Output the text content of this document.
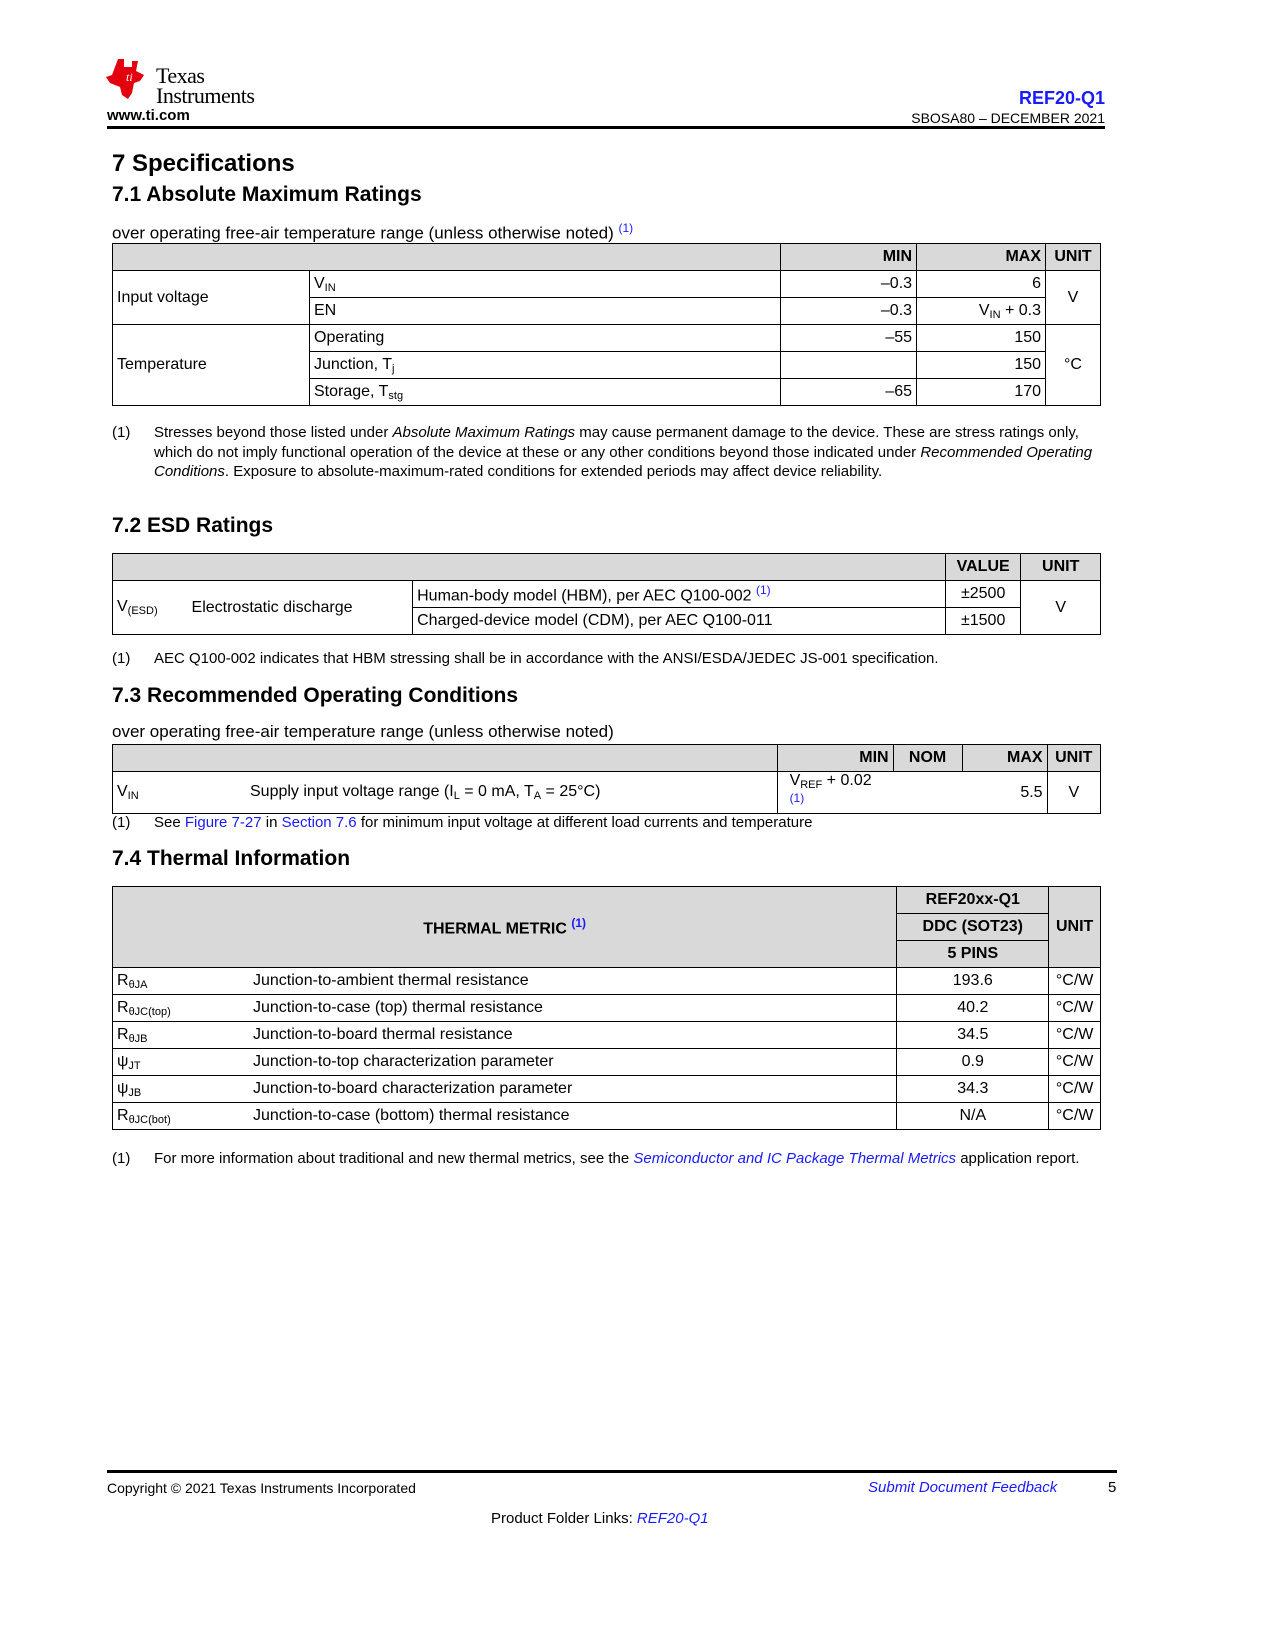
ti Texas
Instruments
www.ti.com
REF20-Q1
SBOSA80 – DECEMBER 2021
7 Specifications
7.1 Absolute Maximum Ratings
over operating free-air temperature range (unless otherwise noted) $^{(1)}$
		MIN	MAX	UNIT
Input voltage	$V_{IN}$	–0.3	6	V
	EN	–0.3	$V_{IN} + 0.3$	
Temperature	Operating	–55	150	°C
	Junction, $T_j$		150	
	Storage, $T_{stg}$	–65	170	
(1) Stresses beyond those listed under Absolute Maximum Ratings may cause permanent damage to the device. These are stress ratings only, which do not imply functional operation of the device at these or any other conditions beyond those indicated under Recommended Operating Conditions. Exposure to absolute-maximum-rated conditions for extended periods may affect device reliability.
7.2 ESD Ratings
			VALUE	UNIT
$V_{(ESD)}$	Electrostatic discharge	Human-body model (HBM), per AEC Q100-002 $^{(1)}$	±2500	V
		Charged-device model (CDM), per AEC Q100-011	±1500	
(1) AEC Q100-002 indicates that HBM stressing shall be in accordance with the ANSI/ESDA/JEDEC JS-001 specification.
7.3 Recommended Operating Conditions
over operating free-air temperature range (unless otherwise noted)
		MIN	NOM	MAX	UNIT
$V_{IN}$	Supply input voltage range ($I_L = 0$ mA, $T_A = 25^\circ C$)	$V_{REF} + 0.02$ $^{(1)}$		5.5	V
(1) See Figure 7-27 in Section 7.6 for minimum input voltage at different load currents and temperature
7.4 Thermal Information
THERMAL METRIC $^{(1)}$		REF20xx-Q1	UNIT
		DDC (SOT23)	
		5 PINS	
$R_{\theta JA}$	Junction-to-ambient thermal resistance	193.6	°C/W
$R_{\theta JC(top)}$	Junction-to-case (top) thermal resistance	40.2	°C/W
$R_{\theta JB}$	Junction-to-board thermal resistance	34.5	°C/W
$\psi_{JT}$	Junction-to-top characterization parameter	0.9	°C/W
$\psi_{JB}$	Junction-to-board characterization parameter	34.3	°C/W
$R_{\theta JC(bot)}$	Junction-to-case (bottom) thermal resistance	N/A	°C/W
(1) For more information about traditional and new thermal metrics, see the Semiconductor and IC Package Thermal Metrics application report.
Copyright © 2021 Texas Instruments Incorporated	Submit Document Feedback	5
Product Folder Links: REF20-Q1
